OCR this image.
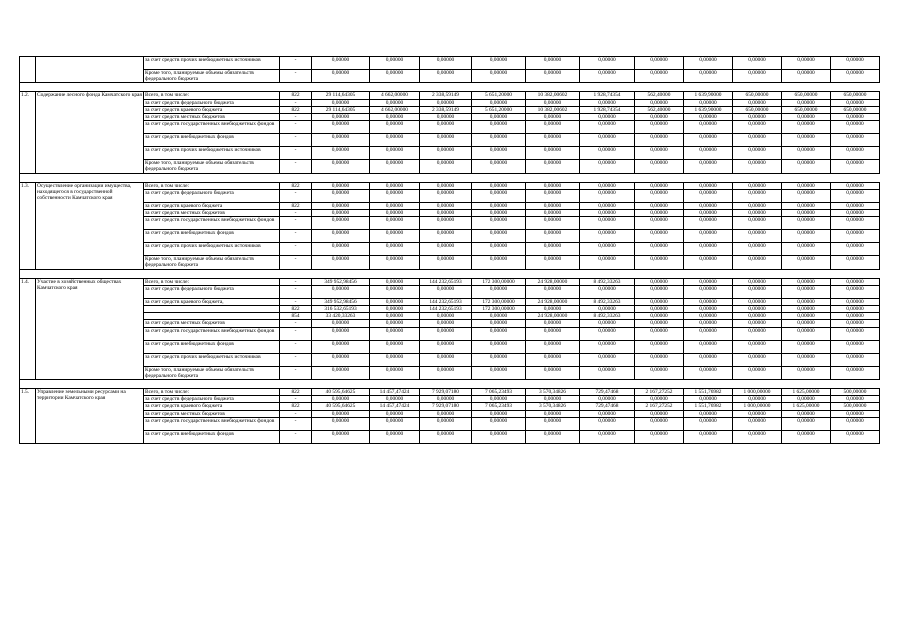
		за счет средств прочих внебюджетных источников	-	0,00000	0,00000	0,00000	0,00000	0,00000	0,00000	0,00000	0,00000	0,00000	0,00000	0,00000
		Кроме того, планируемые объемы обязательств федерального бюджета	-	0,00000	0,00000	0,00000	0,00000	0,00000	0,00000	0,00000	0,00000	0,00000	0,00000	0,00000

1.2.	Содержание лесного фонда Камчатского края	Всего, в том числе:	822	29 114,64305	4 662,00000	2 338,59149	5 651,20000	10 382,00602	1 928,74354	562,40000	1 639,90000	650,00000	650,00000	650,00000
		за счет средств федерального бюджета	-	0,00000	0,00000	0,00000	0,00000	0,00000	0,00000	0,00000	0,00000	0,00000	0,00000	0,00000
		за счет средств краевого бюджета	822	29 114,64305	4 662,00000	2 338,59149	5 651,20000	10 382,00602	1 928,74354	562,40000	1 639,90000	650,00000	650,00000	650,00000
		за счет средств местных бюджетов	-	0,00000	0,00000	0,00000	0,00000	0,00000	0,00000	0,00000	0,00000	0,00000	0,00000	0,00000
		за счет средств государственных внебюджетных фондов	-	0,00000	0,00000	0,00000	0,00000	0,00000	0,00000	0,00000	0,00000	0,00000	0,00000	0,00000
		за счет средств внебюджетных фондов	-	0,00000	0,00000	0,00000	0,00000	0,00000	0,00000	0,00000	0,00000	0,00000	0,00000	0,00000
		за счет средств прочих внебюджетных источников	-	0,00000	0,00000	0,00000	0,00000	0,00000	0,00000	0,00000	0,00000	0,00000	0,00000	0,00000
		Кроме того, планируемые объемы обязательств федерального бюджета	-	0,00000	0,00000	0,00000	0,00000	0,00000	0,00000	0,00000	0,00000	0,00000	0,00000	0,00000

1.3.	Осуществление организации имущества, находящегося в государственной собственности Камчатского края	Всего, в том числе:	822	0,00000	0,00000	0,00000	0,00000	0,00000	0,00000	0,00000	0,00000	0,00000	0,00000	0,00000
		за счет средств федерального бюджета	-	0,00000	0,00000	0,00000	0,00000	0,00000	0,00000	0,00000	0,00000	0,00000	0,00000	0,00000
		за счет средств краевого бюджета	822	0,00000	0,00000	0,00000	0,00000	0,00000	0,00000	0,00000	0,00000	0,00000	0,00000	0,00000
		за счет средств местных бюджетов	-	0,00000	0,00000	0,00000	0,00000	0,00000	0,00000	0,00000	0,00000	0,00000	0,00000	0,00000
		за счет средств государственных внебюджетных фондов	-	0,00000	0,00000	0,00000	0,00000	0,00000	0,00000	0,00000	0,00000	0,00000	0,00000	0,00000
		за счет средств внебюджетных фондов	-	0,00000	0,00000	0,00000	0,00000	0,00000	0,00000	0,00000	0,00000	0,00000	0,00000	0,00000
		за счет средств прочих внебюджетных источников	-	0,00000	0,00000	0,00000	0,00000	0,00000	0,00000	0,00000	0,00000	0,00000	0,00000	0,00000
		Кроме того, планируемые объемы обязательств федерального бюджета	-	0,00000	0,00000	0,00000	0,00000	0,00000	0,00000	0,00000	0,00000	0,00000	0,00000	0,00000

1.4.	Участие в хозяйственных обществах Камчатского края	Всего, в том числе:	-	349 952,98456	0,00000	144 232,65193	172 300,00000	24 928,00000	8 492,33263	0,00000	0,00000	0,00000	0,00000	0,00000
		за счет средств федерального бюджета	-	0,00000	0,00000	0,00000	0,00000	0,00000	0,00000	0,00000	0,00000	0,00000	0,00000	0,00000
		за счет средств краевого бюджета,	-	349 952,98456	0,00000	144 232,65193	172 300,00000	24 928,00000	8 492,33263	0,00000	0,00000	0,00000	0,00000	0,00000
			822	316 532,65193	0,00000	144 232,65193	172 300,00000	0,00000	0,00000	0,00000	0,00000	0,00000	0,00000	0,00000
			854	33 420,33263	0,00000	0,00000	0,00000	24 928,00000	8 492,33263	0,00000	0,00000	0,00000	0,00000	0,00000
		за счет средств местных бюджетов	-	0,00000	0,00000	0,00000	0,00000	0,00000	0,00000	0,00000	0,00000	0,00000	0,00000	0,00000
		за счет средств государственных внебюджетных фондов	-	0,00000	0,00000	0,00000	0,00000	0,00000	0,00000	0,00000	0,00000	0,00000	0,00000	0,00000
		за счет средств внебюджетных фондов	-	0,00000	0,00000	0,00000	0,00000	0,00000	0,00000	0,00000	0,00000	0,00000	0,00000	0,00000
		за счет средств прочих внебюджетных источников	-	0,00000	0,00000	0,00000	0,00000	0,00000	0,00000	0,00000	0,00000	0,00000	0,00000	0,00000
		Кроме того, планируемые объемы обязательств федерального бюджета	-	0,00000	0,00000	0,00000	0,00000	0,00000	0,00000	0,00000	0,00000	0,00000	0,00000	0,00000

1.5.	Управление земельными ресурсами на территории Камчатского края	Всего, в том числе:	822	40 595,64625	14 457,47424	7 929,07180	7 065,23493	3 570,34826	729,47468	2 167,27252	1 551,76982	1 000,00000	1 625,00000	500,00000
		за счет средств федерального бюджета	-	0,00000	0,00000	0,00000	0,00000	0,00000	0,00000	0,00000	0,00000	0,00000	0,00000	0,00000
		за счет средств краевого бюджета	822	40 595,64625	14 457,47424	7 929,07180	7 065,23493	3 570,34826	729,47468	2 167,27252	1 551,76982	1 000,00000	1 625,00000	500,00000
		за счет средств местных бюджетов	-	0,00000	0,00000	0,00000	0,00000	0,00000	0,00000	0,00000	0,00000	0,00000	0,00000	0,00000
		за счет средств государственных внебюджетных фондов	-	0,00000	0,00000	0,00000	0,00000	0,00000	0,00000	0,00000	0,00000	0,00000	0,00000	0,00000
		за счет средств внебюджетных фондов	-	0,00000	0,00000	0,00000	0,00000	0,00000	0,00000	0,00000	0,00000	0,00000	0,00000	0,00000
